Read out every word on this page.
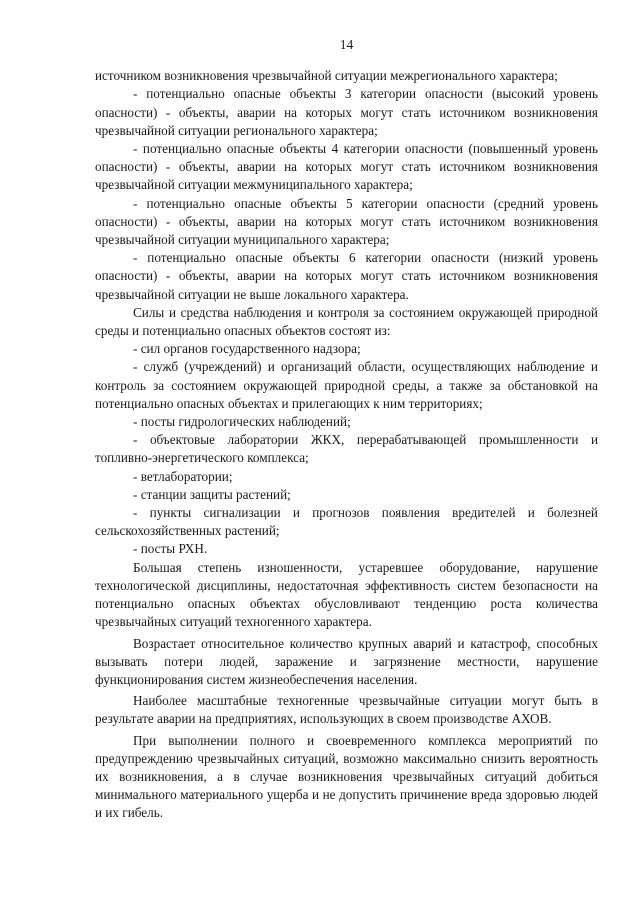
14

источником возникновения чрезвычайной ситуации межрегионального характера;

- потенциально опасные объекты 3 категории опасности (высокий уровень опасности) - объекты, аварии на которых могут стать источником возникновения чрезвычайной ситуации регионального характера;

- потенциально опасные объекты 4 категории опасности (повышенный уровень опасности) - объекты, аварии на которых могут стать источником возникновения чрезвычайной ситуации межмуниципального характера;

- потенциально опасные объекты 5 категории опасности (средний уровень опасности) - объекты, аварии на которых могут стать источником возникновения чрезвычайной ситуации муниципального характера;

- потенциально опасные объекты 6 категории опасности (низкий уровень опасности) - объекты, аварии на которых могут стать источником возникновения чрезвычайной ситуации не выше локального характера.

Силы и средства наблюдения и контроля за состоянием окружающей природной среды и потенциально опасных объектов состоят из:

- сил органов государственного надзора;

- служб (учреждений) и организаций области, осуществляющих наблюдение и контроль за состоянием окружающей природной среды, а также за обстановкой на потенциально опасных объектах и прилегающих к ним территориях;

- посты гидрологических наблюдений;

- объектовые лаборатории ЖКХ, перерабатывающей промышленности и топливно-энергетического комплекса;

- ветлаборатории;

- станции защиты растений;

- пункты сигнализации и прогнозов появления вредителей и болезней сельскохозяйственных растений;

- посты РХН.

Большая степень изношенности, устаревшее оборудование, нарушение технологической дисциплины, недостаточная эффективность систем безопасности на потенциально опасных объектах обусловливают тенденцию роста количества чрезвычайных ситуаций техногенного характера.

Возрастает относительное количество крупных аварий и катастроф, способных вызывать потери людей, заражение и загрязнение местности, нарушение функционирования систем жизнеобеспечения населения.

Наиболее масштабные техногенные чрезвычайные ситуации могут быть в результате аварии на предприятиях, использующих в своем производстве АХОВ.

При выполнении полного и своевременного комплекса мероприятий по предупреждению чрезвычайных ситуаций, возможно максимально снизить вероятность их возникновения, а в случае возникновения чрезвычайных ситуаций добиться минимального материального ущерба и не допустить причинение вреда здоровью людей и их гибель.
